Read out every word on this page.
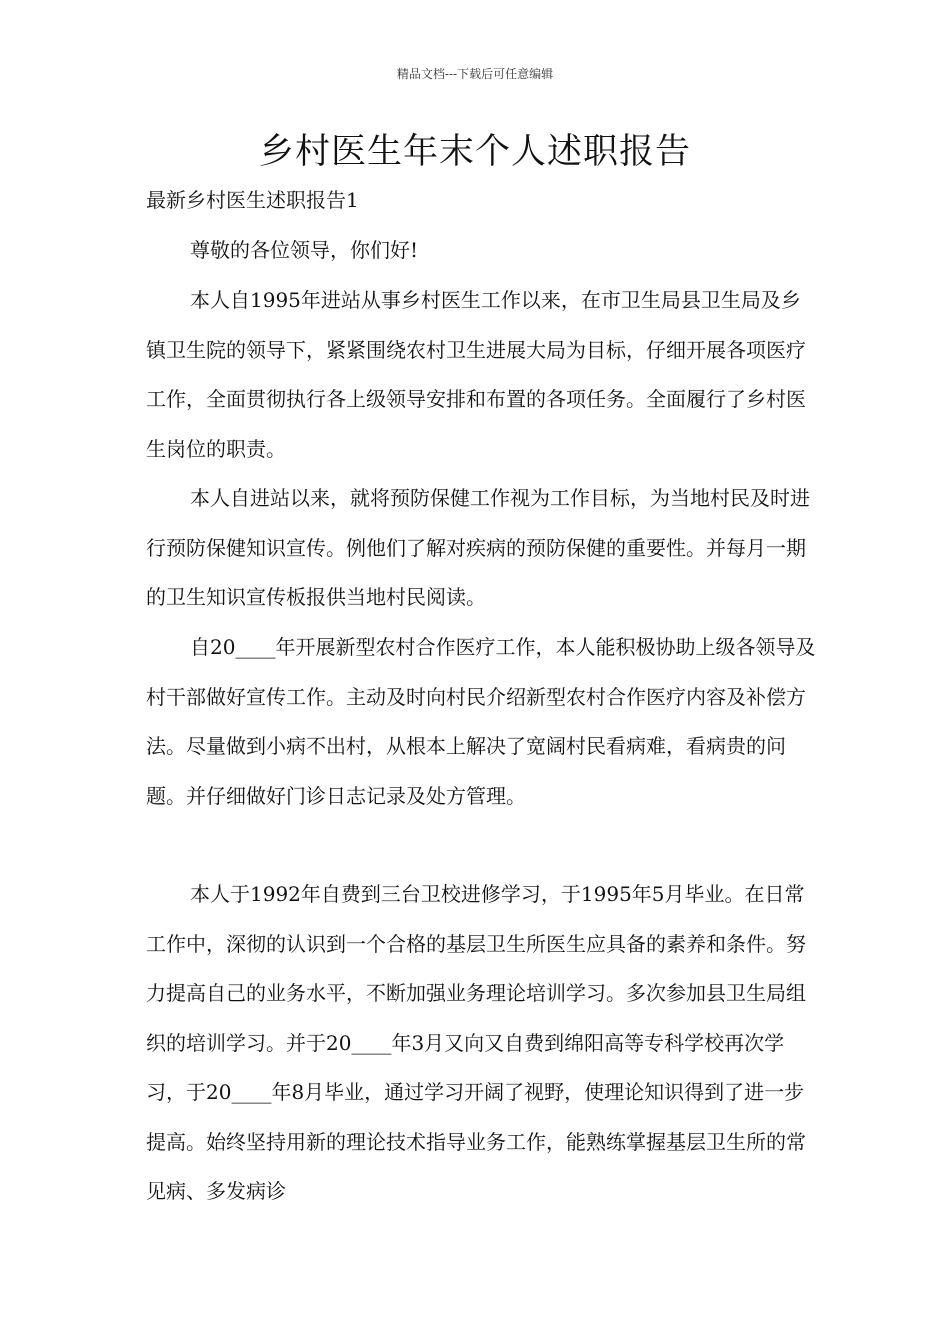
精品文档---下载后可任意编辑
乡村医生年末个人述职报告

最新乡村医生述职报告1

尊敬的各位领导，你们好!

本人自1995年进站从事乡村医生工作以来，在市卫生局县卫生局及乡镇卫生院的领导下，紧紧围绕农村卫生进展大局为目标，仔细开展各项医疗工作，全面贯彻执行各上级领导安排和布置的各项任务。全面履行了乡村医生岗位的职责。

本人自进站以来，就将预防保健工作视为工作目标，为当地村民及时进行预防保健知识宣传。例他们了解对疾病的预防保健的重要性。并每月一期的卫生知识宣传板报供当地村民阅读。

自20____年开展新型农村合作医疗工作，本人能积极协助上级各领导及村干部做好宣传工作。主动及时向村民介绍新型农村合作医疗内容及补偿方法。尽量做到小病不出村，从根本上解决了宽阔村民看病难，看病贵的问题。并仔细做好门诊日志记录及处方管理。

本人于1992年自费到三台卫校进修学习，于1995年5月毕业。在日常工作中，深彻的认识到一个合格的基层卫生所医生应具备的素养和条件。努力提高自己的业务水平，不断加强业务理论培训学习。多次参加县卫生局组织的培训学习。并于20____年3月又向又自费到绵阳高等专科学校再次学习，于20____年8月毕业，通过学习开阔了视野，使理论知识得到了进一步提高。始终坚持用新的理论技术指导业务工作，能熟练掌握基层卫生所的常见病、多发病诊
